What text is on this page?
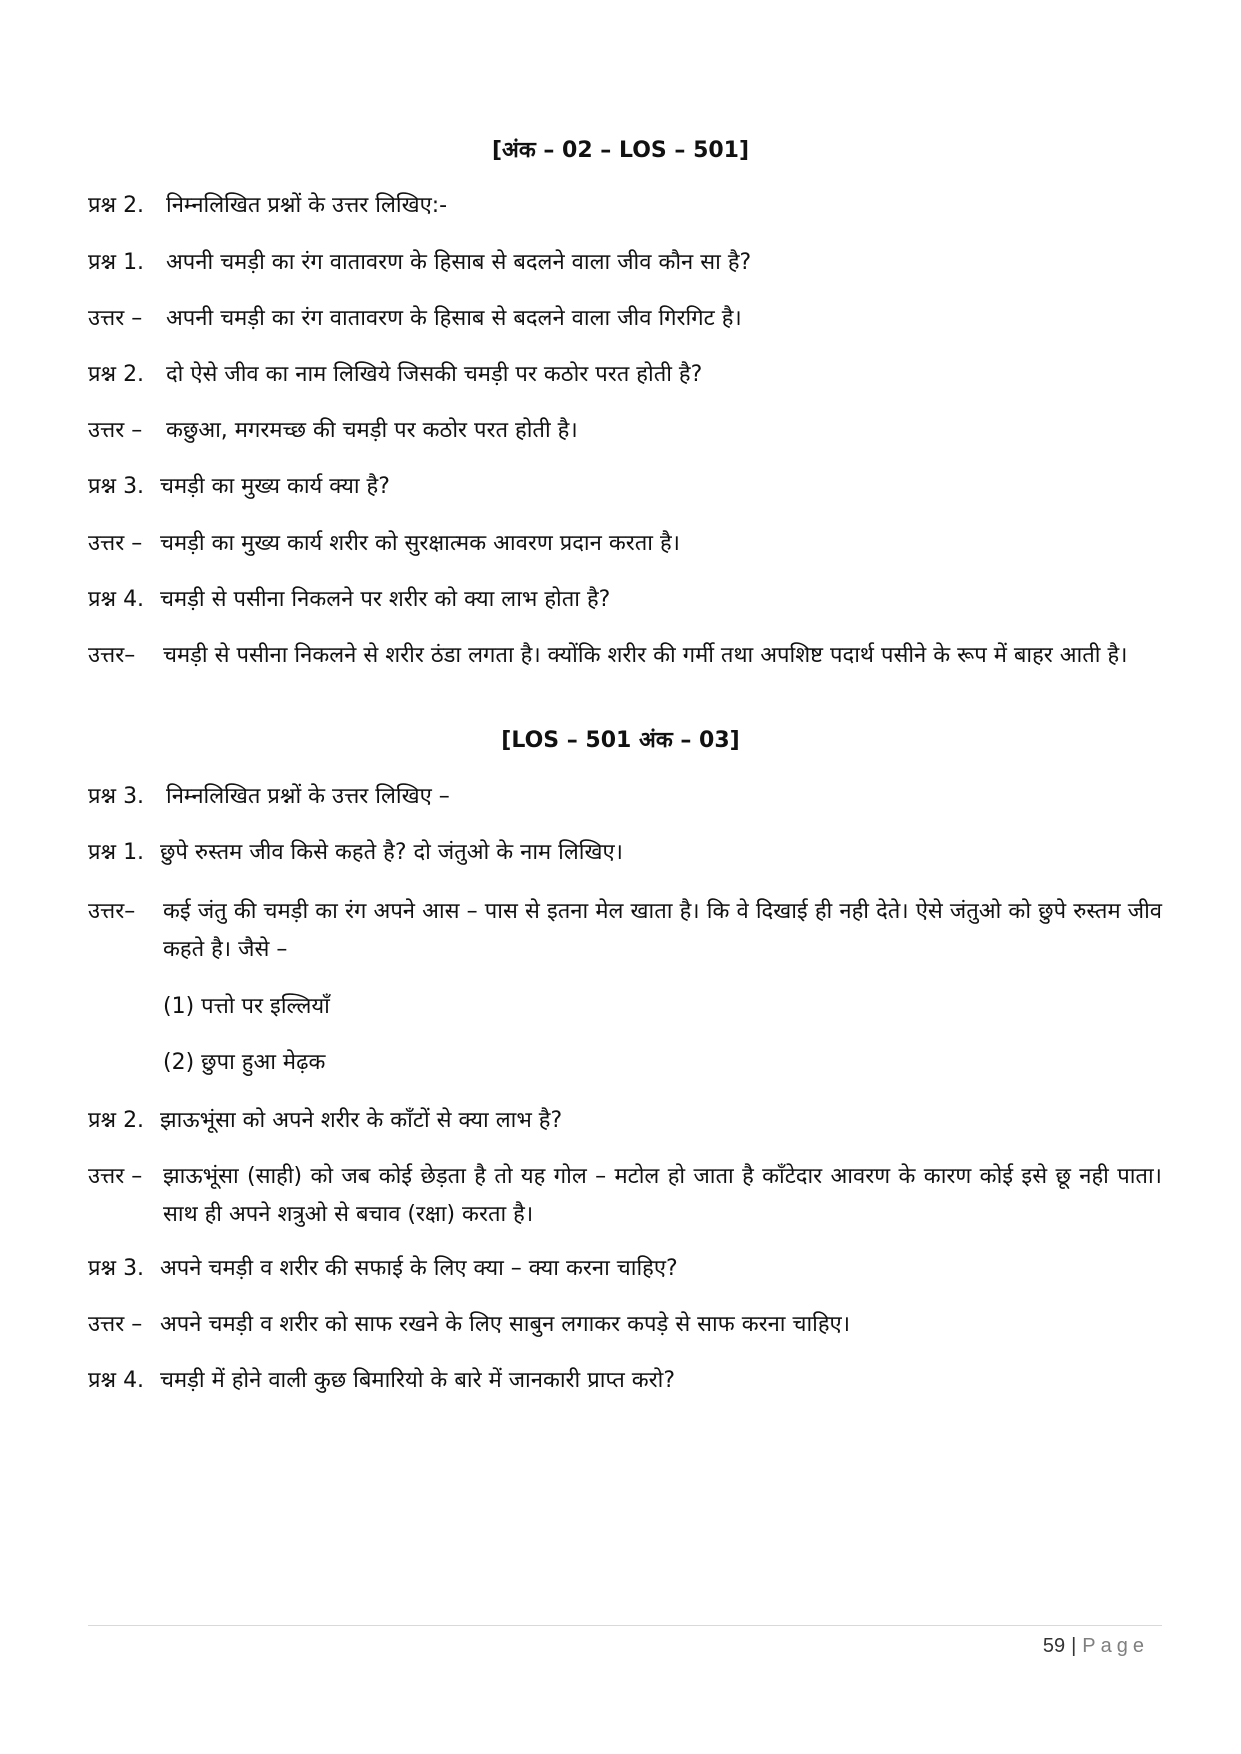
[अंक – 02 – LOS – 501]
प्रश्न 2. निम्नलिखित प्रश्नों के उत्तर लिखिए:-
प्रश्न 1. अपनी चमड़ी का रंग वातावरण के हिसाब से बदलने वाला जीव कौन सा है?
उत्तर – अपनी चमड़ी का रंग वातावरण के हिसाब से बदलने वाला जीव गिरगिट है।
प्रश्न 2. दो ऐसे जीव का नाम लिखिये जिसकी चमड़ी पर कठोर परत होती है?
उत्तर – कछुआ, मगरमच्छ की चमड़ी पर कठोर परत होती है।
प्रश्न 3. चमड़ी का मुख्य कार्य क्या है?
उत्तर – चमड़ी का मुख्य कार्य शरीर को सुरक्षात्मक आवरण प्रदान करता है।
प्रश्न 4. चमड़ी से पसीना निकलने पर शरीर को क्या लाभ होता है?
उत्तर–	चमड़ी से पसीना निकलने से शरीर ठंडा लगता है। क्योंकि शरीर की गर्मी तथा अपशिष्ट पदार्थ पसीने के रूप में बाहर आती है।
[LOS – 501 अंक – 03]
प्रश्न 3. निम्नलिखित प्रश्नों के उत्तर लिखिए –
प्रश्न 1. छुपे रुस्तम जीव किसे कहते है? दो जंतुओ के नाम लिखिए।
उत्तर–	कई जंतु की चमड़ी का रंग अपने आस – पास से इतना मेल खाता है। कि वे दिखाई ही नही देते। ऐसे जंतुओ को छुपे रुस्तम जीव कहते है। जैसे –
(1) पत्तो पर इल्लियाँ
(2) छुपा हुआ मेढ़क
प्रश्न 2. झाऊभूंसा को अपने शरीर के काँटों से क्या लाभ है?
उत्तर – झाऊभूंसा (साही) को जब कोई छेड़ता है तो यह गोल – मटोल हो जाता है काँटेदार आवरण के कारण कोई इसे छू नही पाता। साथ ही अपने शत्रुओ से बचाव (रक्षा) करता है।
प्रश्न 3. अपने चमड़ी व शरीर की सफाई के लिए क्या – क्या करना चाहिए?
उत्तर – अपने चमड़ी व शरीर को साफ रखने के लिए साबुन लगाकर कपड़े से साफ करना चाहिए।
प्रश्न 4. चमड़ी में होने वाली कुछ बिमारियो के बारे में जानकारी प्राप्त करो?
59 | Page
